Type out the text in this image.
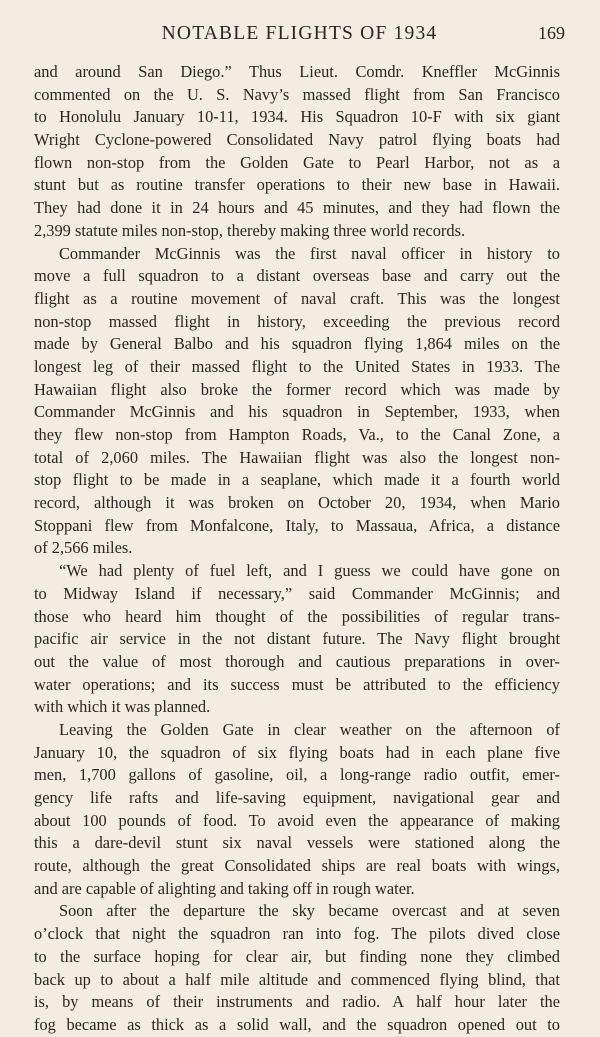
NOTABLE FLIGHTS OF 1934	169
and around San Diego.” Thus Lieut. Comdr. Kneffler McGinnis
commented on the U. S. Navy’s massed flight from San Francisco
to Honolulu January 10-11, 1934. His Squadron 10-F with six giant
Wright Cyclone-powered Consolidated Navy patrol flying boats had
flown non-stop from the Golden Gate to Pearl Harbor, not as a
stunt but as routine transfer operations to their new base in Hawaii.
They had done it in 24 hours and 45 minutes, and they had flown the
2,399 statute miles non-stop, thereby making three world records.
Commander McGinnis was the first naval officer in history to
move a full squadron to a distant overseas base and carry out the
flight as a routine movement of naval craft. This was the longest
non-stop massed flight in history, exceeding the previous record
made by General Balbo and his squadron flying 1,864 miles on the
longest leg of their massed flight to the United States in 1933. The
Hawaiian flight also broke the former record which was made by
Commander McGinnis and his squadron in September, 1933, when
they flew non-stop from Hampton Roads, Va., to the Canal Zone, a
total of 2,060 miles. The Hawaiian flight was also the longest non-
stop flight to be made in a seaplane, which made it a fourth world
record, although it was broken on October 20, 1934, when Mario
Stoppani flew from Monfalcone, Italy, to Massaua, Africa, a distance
of 2,566 miles.
“We had plenty of fuel left, and I guess we could have gone on
to Midway Island if necessary,” said Commander McGinnis; and
those who heard him thought of the possibilities of regular trans-
pacific air service in the not distant future. The Navy flight brought
out the value of most thorough and cautious preparations in over-
water operations; and its success must be attributed to the efficiency
with which it was planned.
Leaving the Golden Gate in clear weather on the afternoon of
January 10, the squadron of six flying boats had in each plane five
men, 1,700 gallons of gasoline, oil, a long-range radio outfit, emer-
gency life rafts and life-saving equipment, navigational gear and
about 100 pounds of food. To avoid even the appearance of making
this a dare-devil stunt six naval vessels were stationed along the
route, although the great Consolidated ships are real boats with wings,
and are capable of alighting and taking off in rough water.
Soon after the departure the sky became overcast and at seven
o’clock that night the squadron ran into fog. The pilots dived close
to the surface hoping for clear air, but finding none they climbed
back up to about a half mile altitude and commenced flying blind, that
is, by means of their instruments and radio. A half hour later the
fog became as thick as a solid wall, and the squadron opened out to
